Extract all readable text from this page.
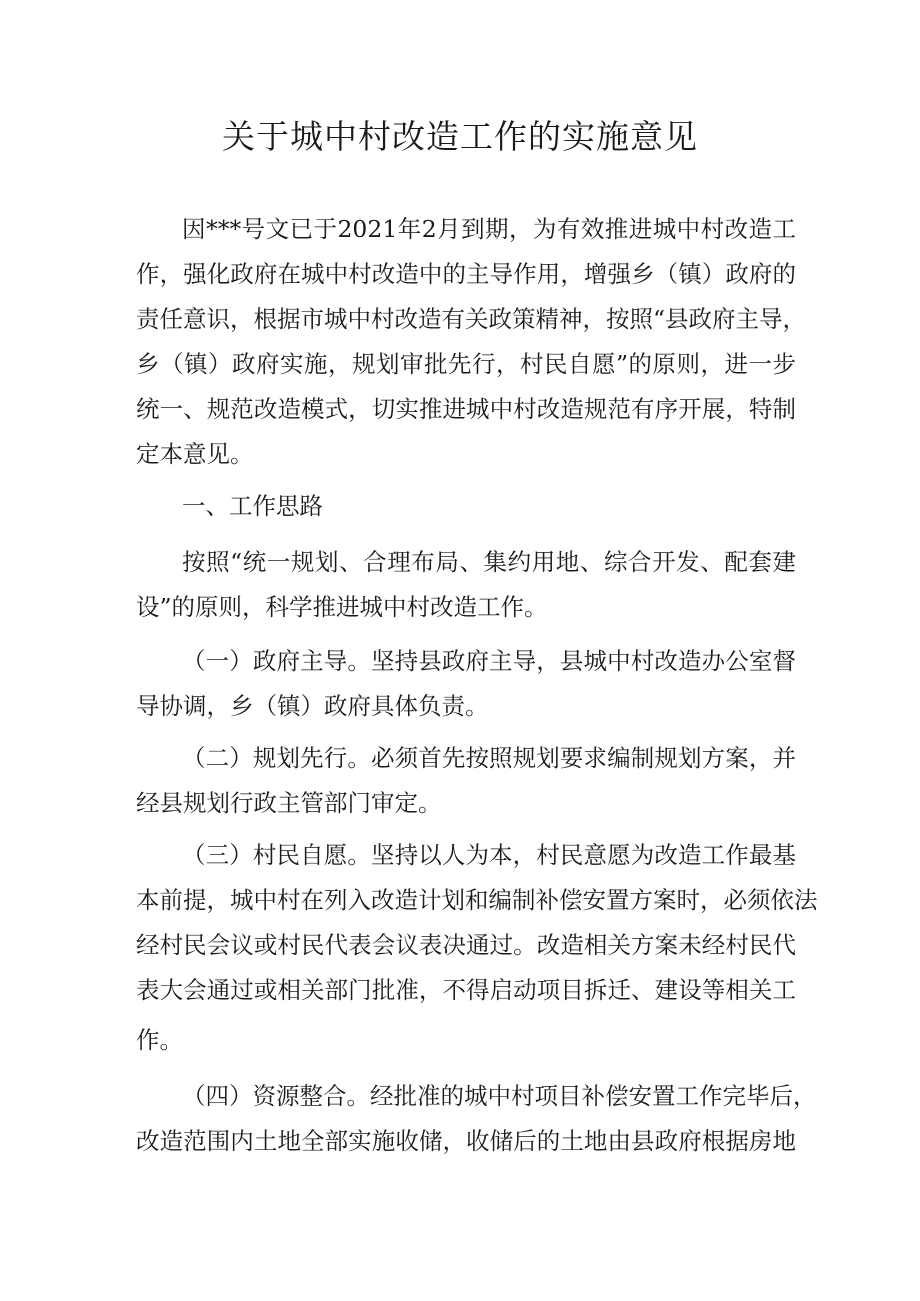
关于城中村改造工作的实施意见

因***号文已于2021年2月到期，为有效推进城中村改造工

作，强化政府在城中村改造中的主导作用，增强乡（镇）政府的

责任意识，根据市城中村改造有关政策精神，按照“县政府主导，

乡（镇）政府实施，规划审批先行，村民自愿”的原则，进一步

统一、规范改造模式，切实推进城中村改造规范有序开展，特制

定本意见。

一、工作思路

按照“统一规划、合理布局、集约用地、综合开发、配套建

设”的原则，科学推进城中村改造工作。

（一）政府主导。坚持县政府主导，县城中村改造办公室督

导协调，乡（镇）政府具体负责。

（二）规划先行。必须首先按照规划要求编制规划方案，并

经县规划行政主管部门审定。

（三）村民自愿。坚持以人为本，村民意愿为改造工作最基

本前提，城中村在列入改造计划和编制补偿安置方案时，必须依法

经村民会议或村民代表会议表决通过。改造相关方案未经村民代

表大会通过或相关部门批准，不得启动项目拆迁、建设等相关工

作。

（四）资源整合。经批准的城中村项目补偿安置工作完毕后，

改造范围内土地全部实施收储，收储后的土地由县政府根据房地
